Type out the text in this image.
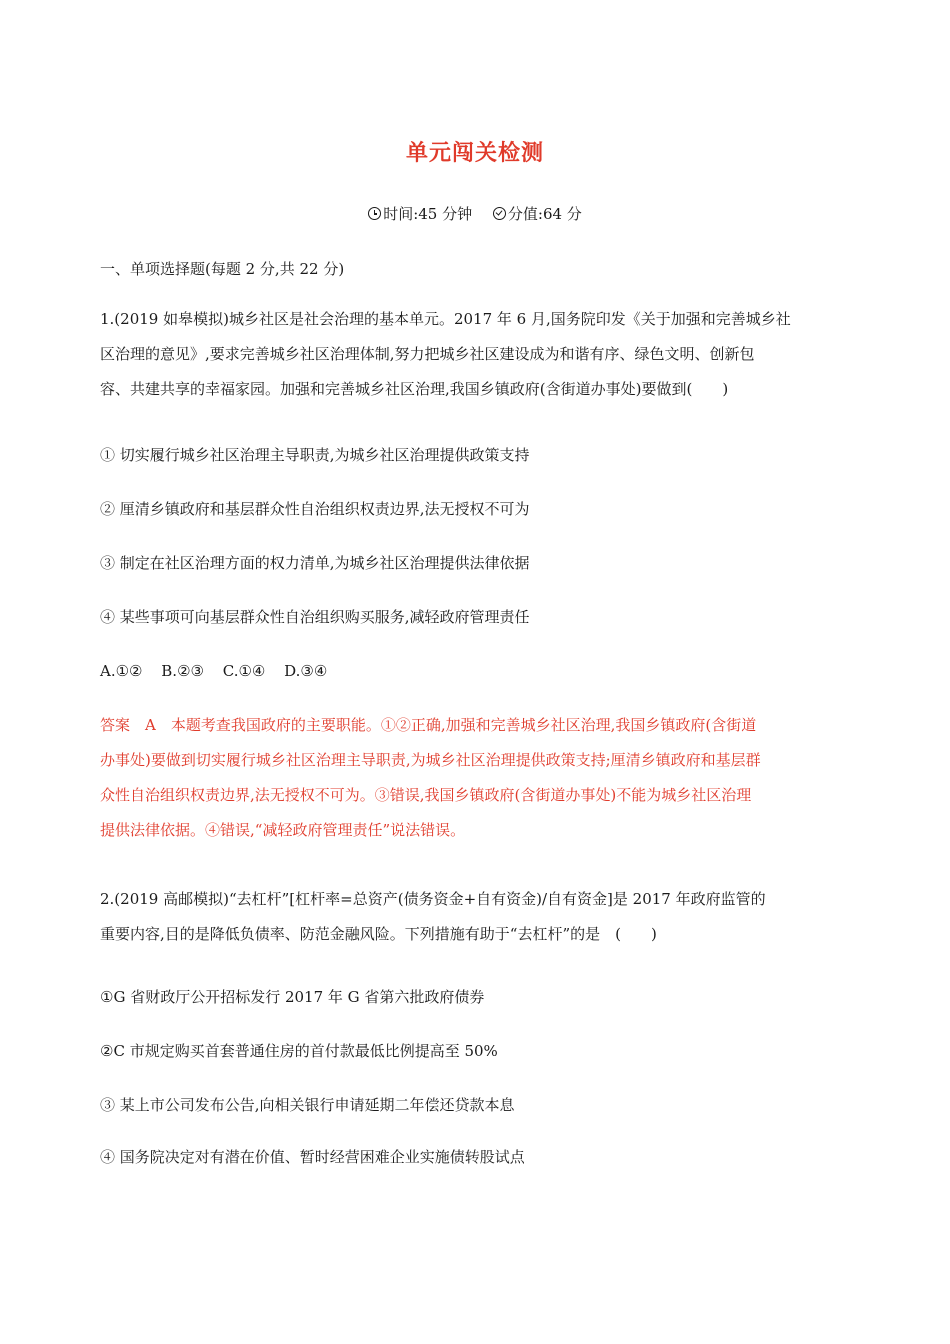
单元闯关检测
时间:45 分钟 分值:64 分
一、单项选择题(每题 2 分,共 22 分)
1.(2019 如皋模拟)城乡社区是社会治理的基本单元。2017 年 6 月,国务院印发《关于加强和完善城乡社
区治理的意见》,要求完善城乡社区治理体制,努力把城乡社区建设成为和谐有序、绿色文明、创新包
容、共建共享的幸福家园。加强和完善城乡社区治理,我国乡镇政府(含街道办事处)要做到(　　)
① 切实履行城乡社区治理主导职责,为城乡社区治理提供政策支持
② 厘清乡镇政府和基层群众性自治组织权责边界,法无授权不可为
③ 制定在社区治理方面的权力清单,为城乡社区治理提供法律依据
④ 某些事项可向基层群众性自治组织购买服务,减轻政府管理责任
A.①② B.②③ C.①④ D.③④
答案　A　本题考查我国政府的主要职能。①②正确,加强和完善城乡社区治理,我国乡镇政府(含街道
办事处)要做到切实履行城乡社区治理主导职责,为城乡社区治理提供政策支持;厘清乡镇政府和基层群
众性自治组织权责边界,法无授权不可为。③错误,我国乡镇政府(含街道办事处)不能为城乡社区治理
提供法律依据。④错误,“减轻政府管理责任”说法错误。
2.(2019 高邮模拟)“去杠杆”[杠杆率=总资产(债务资金+自有资金)/自有资金]是 2017 年政府监管的
重要内容,目的是降低负债率、防范金融风险。下列措施有助于“去杠杆”的是　(　　)
①G 省财政厅公开招标发行 2017 年 G 省第六批政府债券
②C 市规定购买首套普通住房的首付款最低比例提高至 50%
③ 某上市公司发布公告,向相关银行申请延期二年偿还贷款本息
④ 国务院决定对有潜在价值、暂时经营困难企业实施债转股试点
